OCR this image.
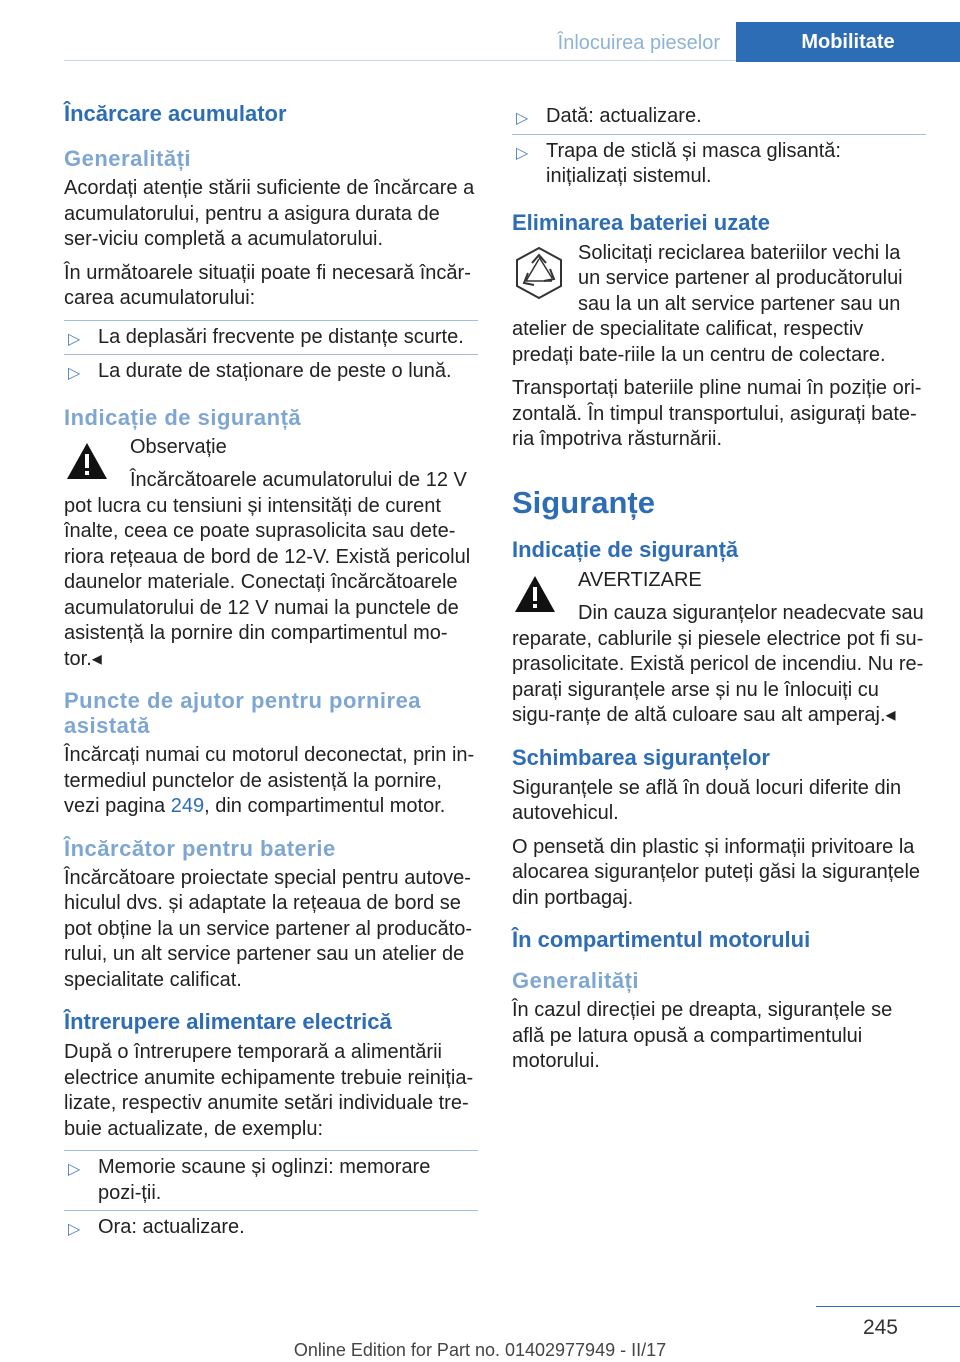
Înlocuirea pieselor	Mobilitate
Încărcare acumulator
Generalități

Acordați atenție stării suficiente de încărcare a acumulatorului, pentru a asigura durata de ser‐viciu completă a acumulatorului.

În următoarele situații poate fi necesară încăr‐carea acumulatorului:

▷ La deplasări frecvente pe distanțe scurte.
▷ La durate de staționare de peste o lună.
Indicație de siguranță
Observație
Încărcătoarele acumulatorului de 12 V
pot lucra cu tensiuni și intensități de curent înalte, ceea ce poate suprasolicita sau dete‐riora rețeaua de bord de 12‑V. Există pericolul daunelor materiale. Conectați încărcătoarele acumulatorului de 12 V numai la punctele de asistență la pornire din compartimentul mo‐tor.◂
Puncte de ajutor pentru pornirea asistată

Încărcați numai cu motorul deconectat, prin in‐termediul punctelor de asistență la pornire, vezi pagina 249, din compartimentul motor.

Încărcător pentru baterie

Încărcătoare proiectate special pentru autove‐hiculul dvs. și adaptate la rețeaua de bord se pot obține la un service partener al producăto‐rului, un alt service partener sau un atelier de specialitate calificat.

Întrerupere alimentare electrică

După o întrerupere temporară a alimentării electrice anumite echipamente trebuie reiniția‐lizate, respectiv anumite setări individuale tre‐buie actualizate, de exemplu:

▷ Memorie scaune și oglinzi: memorare pozi‐ții.
▷ Ora: actualizare.
▷ Dată: actualizare.
▷ Trapa de sticlă și masca glisantă: inițializați sistemul.
Eliminarea bateriei uzate
Solicitați reciclarea bateriilor vechi la un service partener al producătorului sau la un alt service partener sau un atelier de specialitate calificat, respectiv predați bate‐riile la un centru de colectare.

Transportați bateriile pline numai în poziție ori‐zontală. În timpul transportului, asigurați bate‐ria împotriva răsturnării.

Siguranțe
Indicație de siguranță
AVERTIZARE
Din cauza siguranțelor neadecvate sau
reparate, cablurile și piesele electrice pot fi su‐prasolicitate. Există pericol de incendiu. Nu re‐parați siguranțele arse și nu le înlocuiți cu sigu‐ranțe de altă culoare sau alt amperaj.◂
Schimbarea siguranțelor

Siguranțele se află în două locuri diferite din autovehicul.

O pensetă din plastic și informații privitoare la alocarea siguranțelor puteți găsi la siguranțele din portbagaj.

În compartimentul motorului
Generalități

În cazul direcției pe dreapta, siguranțele se află pe latura opusă a compartimentului motorului.

245
Online Edition for Part no. 01402977949 - II/17
